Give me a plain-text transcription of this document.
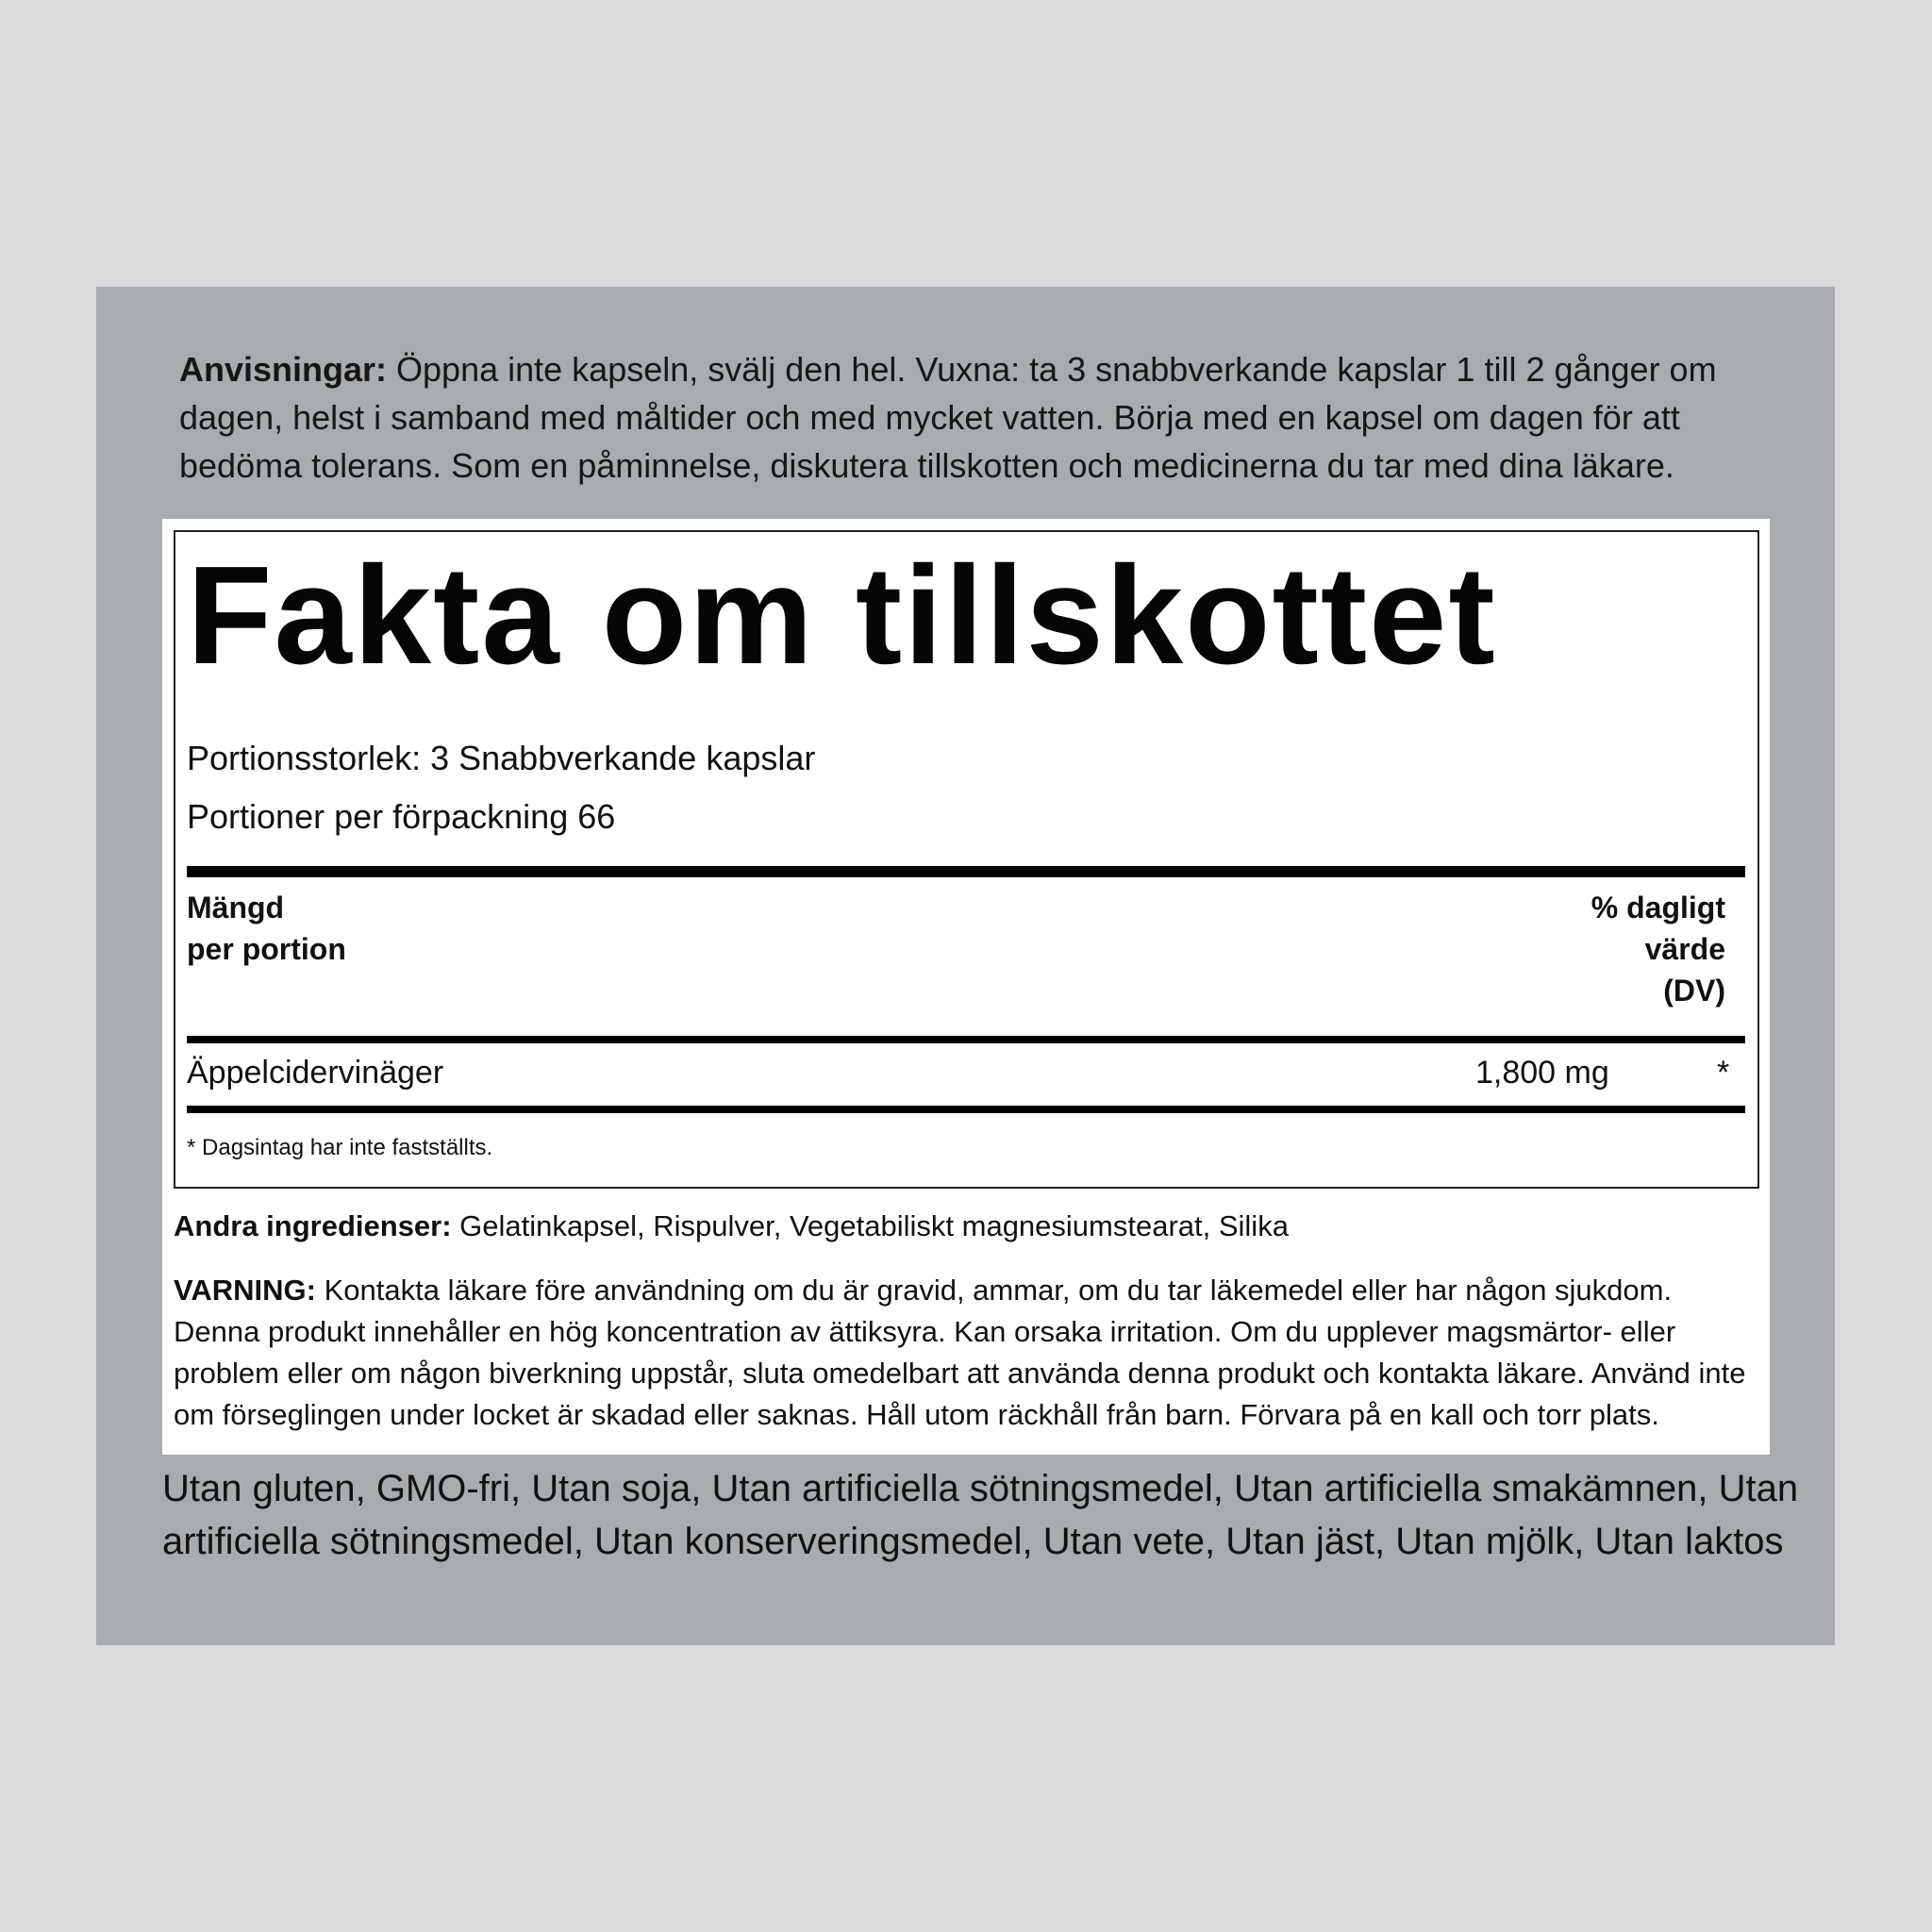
Anvisningar: Öppna inte kapseln, svälj den hel. Vuxna: ta 3 snabbverkande kapslar 1 till 2 gånger om dagen, helst i samband med måltider och med mycket vatten. Börja med en kapsel om dagen för att bedöma tolerans. Som en påminnelse, diskutera tillskotten och medicinerna du tar med dina läkare.
Fakta om tillskottet
Portionsstorlek: 3 Snabbverkande kapslar
Portioner per förpackning 66
Mängd
per portion
% dagligt
värde
(DV)
Äppelcidervinäger	1,800 mg	*
* Dagsintag har inte fastställts.
Andra ingredienser: Gelatinkapsel, Rispulver, Vegetabiliskt magnesiumstearat, Silika
VARNING: Kontakta läkare före användning om du är gravid, ammar, om du tar läkemedel eller har någon sjukdom. Denna produkt innehåller en hög koncentration av ättiksyra. Kan orsaka irritation. Om du upplever magsmärtor- eller problem eller om någon biverkning uppstår, sluta omedelbart att använda denna produkt och kontakta läkare. Använd inte om förseglingen under locket är skadad eller saknas. Håll utom räckhåll från barn. Förvara på en kall och torr plats.
Utan gluten, GMO-fri, Utan soja, Utan artificiella sötningsmedel, Utan artificiella smakämnen, Utan artificiella sötningsmedel, Utan konserveringsmedel, Utan vete, Utan jäst, Utan mjölk, Utan laktos
